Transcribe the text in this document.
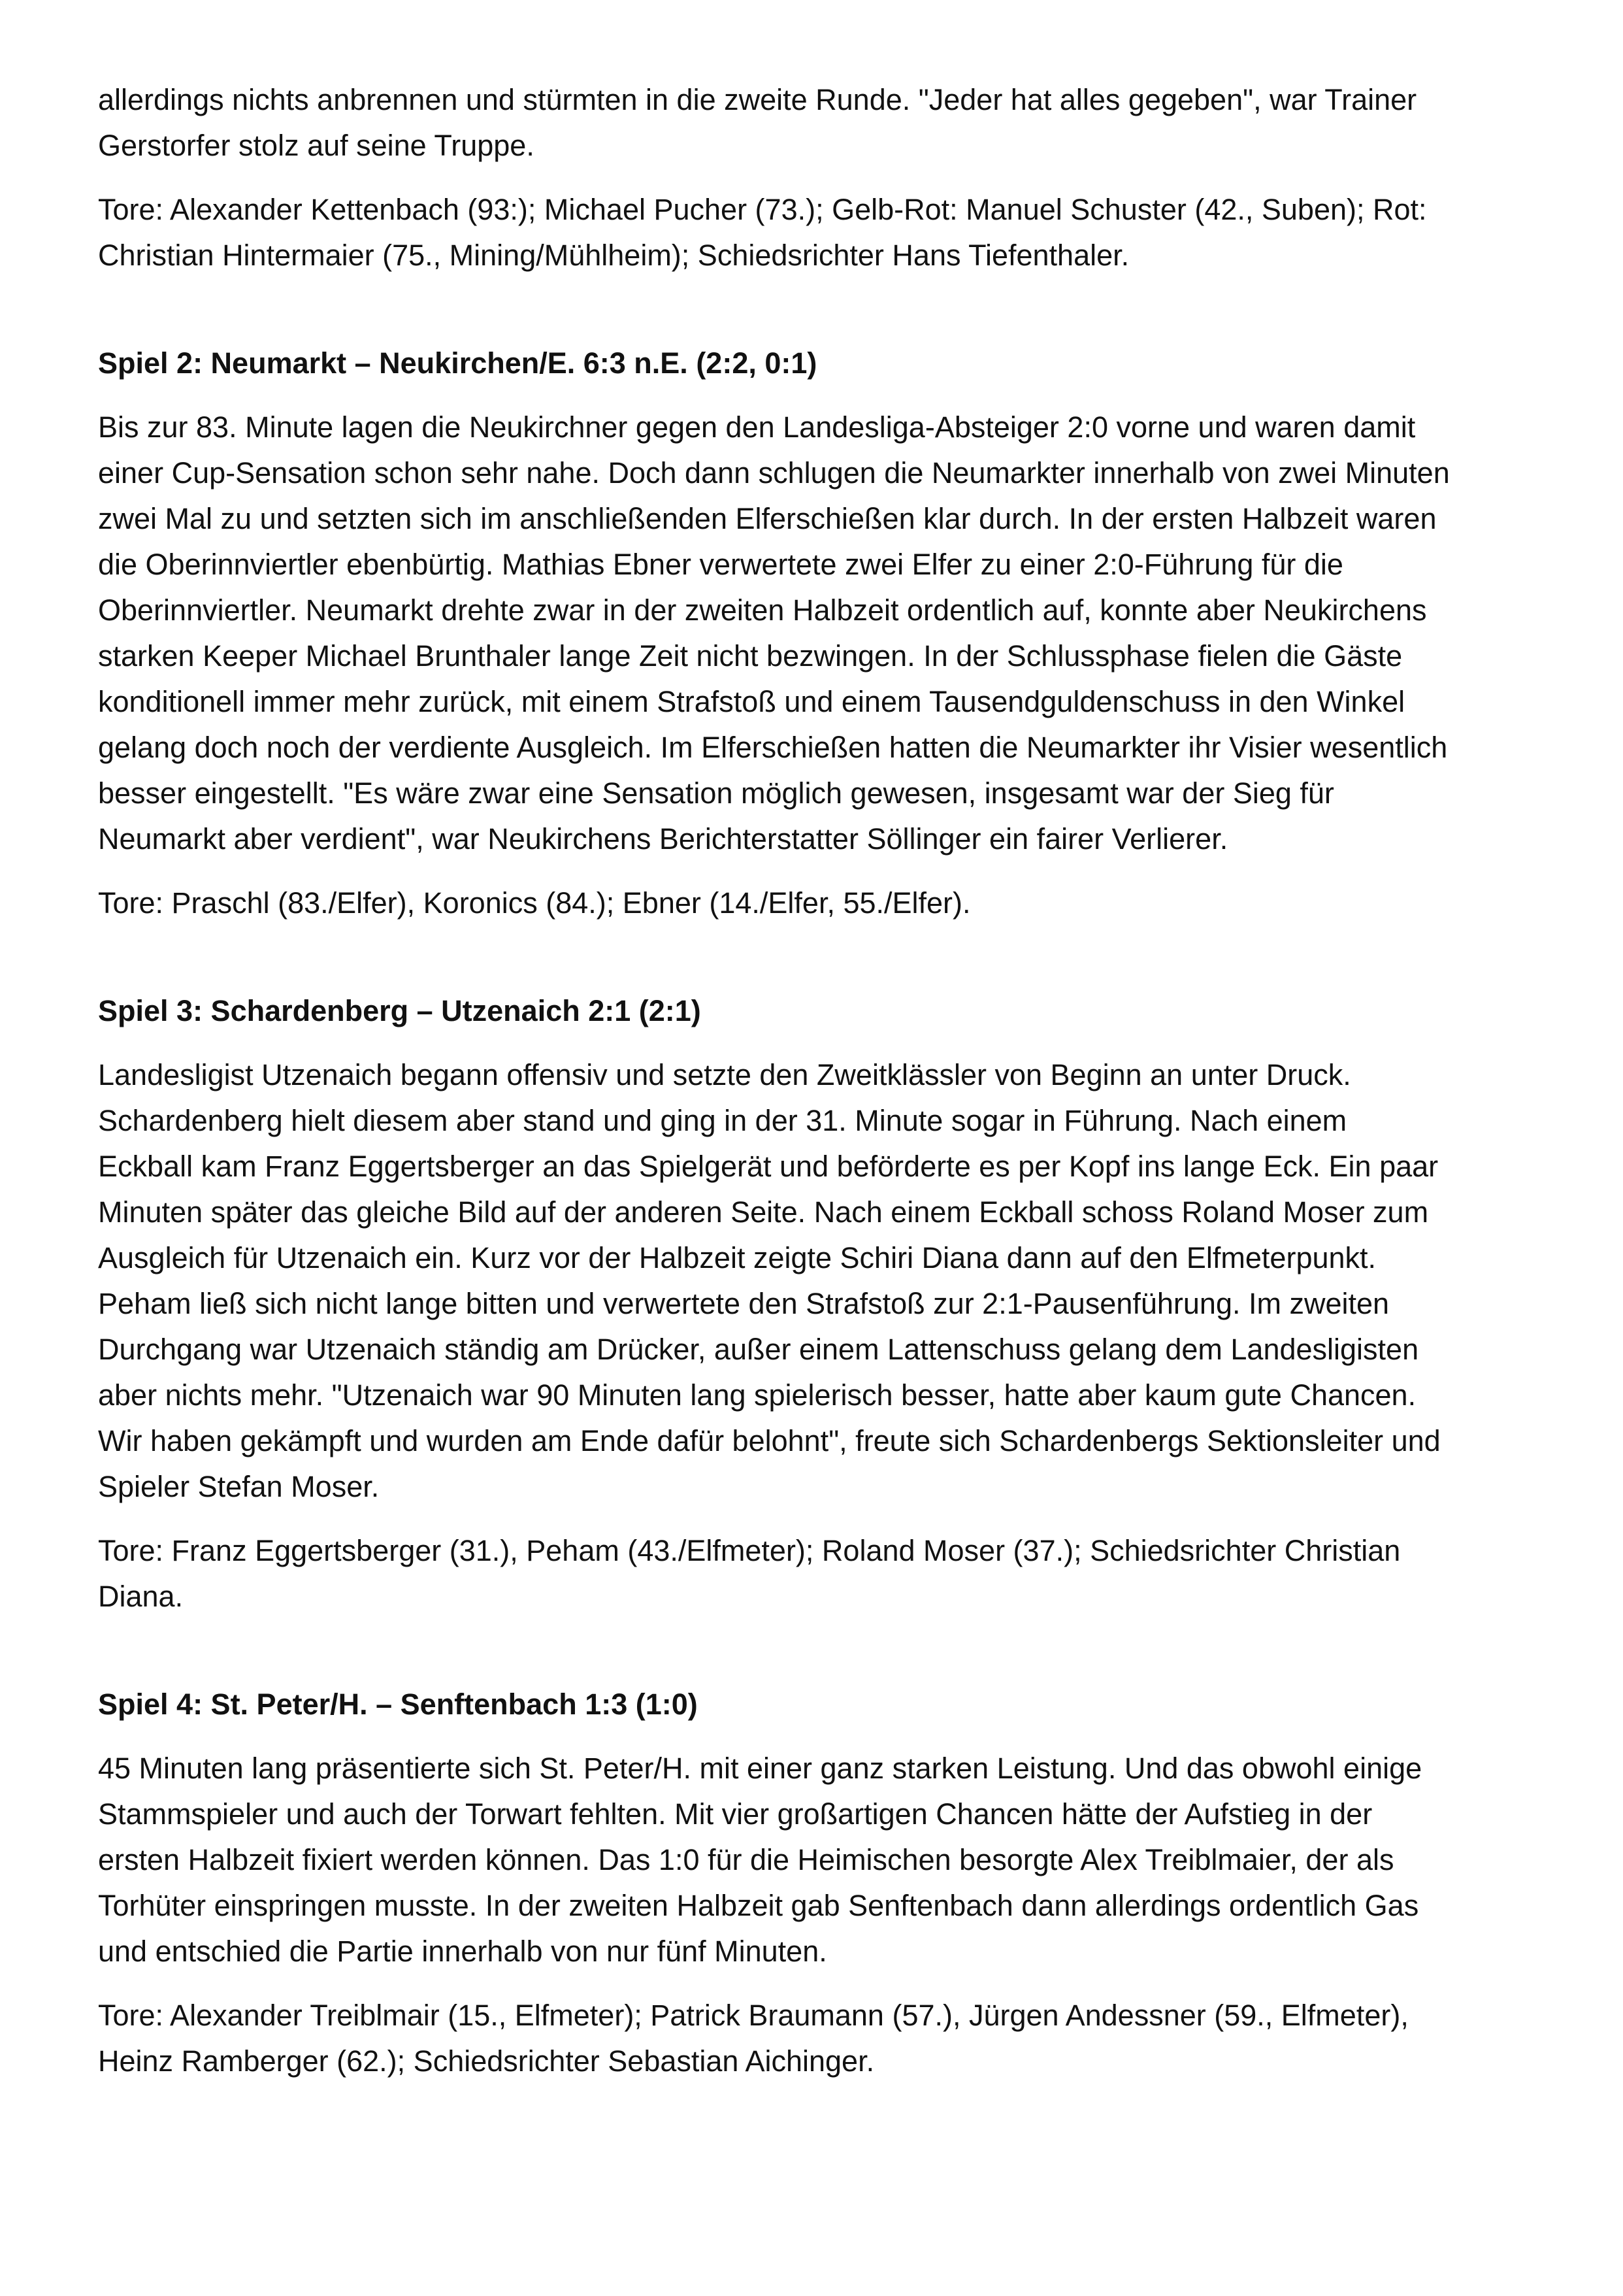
allerdings nichts anbrennen und stürmten in die zweite Runde. "Jeder hat alles gegeben", war Trainer
Gerstorfer stolz auf seine Truppe.

Tore: Alexander Kettenbach (93:); Michael Pucher (73.); Gelb-Rot: Manuel Schuster (42., Suben); Rot:
Christian Hintermaier (75., Mining/Mühlheim); Schiedsrichter Hans Tiefenthaler.

Spiel 2: Neumarkt – Neukirchen/E. 6:3 n.E. (2:2, 0:1)

Bis zur 83. Minute lagen die Neukirchner gegen den Landesliga-Absteiger 2:0 vorne und waren damit
einer Cup-Sensation schon sehr nahe. Doch dann schlugen die Neumarkter innerhalb von zwei Minuten
zwei Mal zu und setzten sich im anschließenden Elferschießen klar durch. In der ersten Halbzeit waren
die Oberinnviertler ebenbürtig. Mathias Ebner verwertete zwei Elfer zu einer 2:0-Führung für die
Oberinnviertler. Neumarkt drehte zwar in der zweiten Halbzeit ordentlich auf, konnte aber Neukirchens
starken Keeper Michael Brunthaler lange Zeit nicht bezwingen. In der Schlussphase fielen die Gäste
konditionell immer mehr zurück, mit einem Strafstoß und einem Tausendguldenschuss in den Winkel
gelang doch noch der verdiente Ausgleich. Im Elferschießen hatten die Neumarkter ihr Visier wesentlich
besser eingestellt. "Es wäre zwar eine Sensation möglich gewesen, insgesamt war der Sieg für
Neumarkt aber verdient", war Neukirchens Berichterstatter Söllinger ein fairer Verlierer.

Tore: Praschl (83./Elfer), Koronics (84.); Ebner (14./Elfer, 55./Elfer).

Spiel 3: Schardenberg – Utzenaich 2:1 (2:1)

Landesligist Utzenaich begann offensiv und setzte den Zweitklässler von Beginn an unter Druck.
Schardenberg hielt diesem aber stand und ging in der 31. Minute sogar in Führung. Nach einem
Eckball kam Franz Eggertsberger an das Spielgerät und beförderte es per Kopf ins lange Eck. Ein paar
Minuten später das gleiche Bild auf der anderen Seite. Nach einem Eckball schoss Roland Moser zum
Ausgleich für Utzenaich ein. Kurz vor der Halbzeit zeigte Schiri Diana dann auf den Elfmeterpunkt.
Peham ließ sich nicht lange bitten und verwertete den Strafstoß zur 2:1-Pausenführung. Im zweiten
Durchgang war Utzenaich ständig am Drücker, außer einem Lattenschuss gelang dem Landesligisten
aber nichts mehr. "Utzenaich war 90 Minuten lang spielerisch besser, hatte aber kaum gute Chancen.
Wir haben gekämpft und wurden am Ende dafür belohnt", freute sich Schardenbergs Sektionsleiter und
Spieler Stefan Moser.

Tore: Franz Eggertsberger (31.), Peham (43./Elfmeter); Roland Moser (37.); Schiedsrichter Christian
Diana.

Spiel 4: St. Peter/H. – Senftenbach 1:3 (1:0)

45 Minuten lang präsentierte sich St. Peter/H. mit einer ganz starken Leistung. Und das obwohl einige
Stammspieler und auch der Torwart fehlten. Mit vier großartigen Chancen hätte der Aufstieg in der
ersten Halbzeit fixiert werden können. Das 1:0 für die Heimischen besorgte Alex Treiblmaier, der als
Torhüter einspringen musste. In der zweiten Halbzeit gab Senftenbach dann allerdings ordentlich Gas
und entschied die Partie innerhalb von nur fünf Minuten.

Tore: Alexander Treiblmair (15., Elfmeter); Patrick Braumann (57.), Jürgen Andessner (59., Elfmeter),
Heinz Ramberger (62.); Schiedsrichter Sebastian Aichinger.
